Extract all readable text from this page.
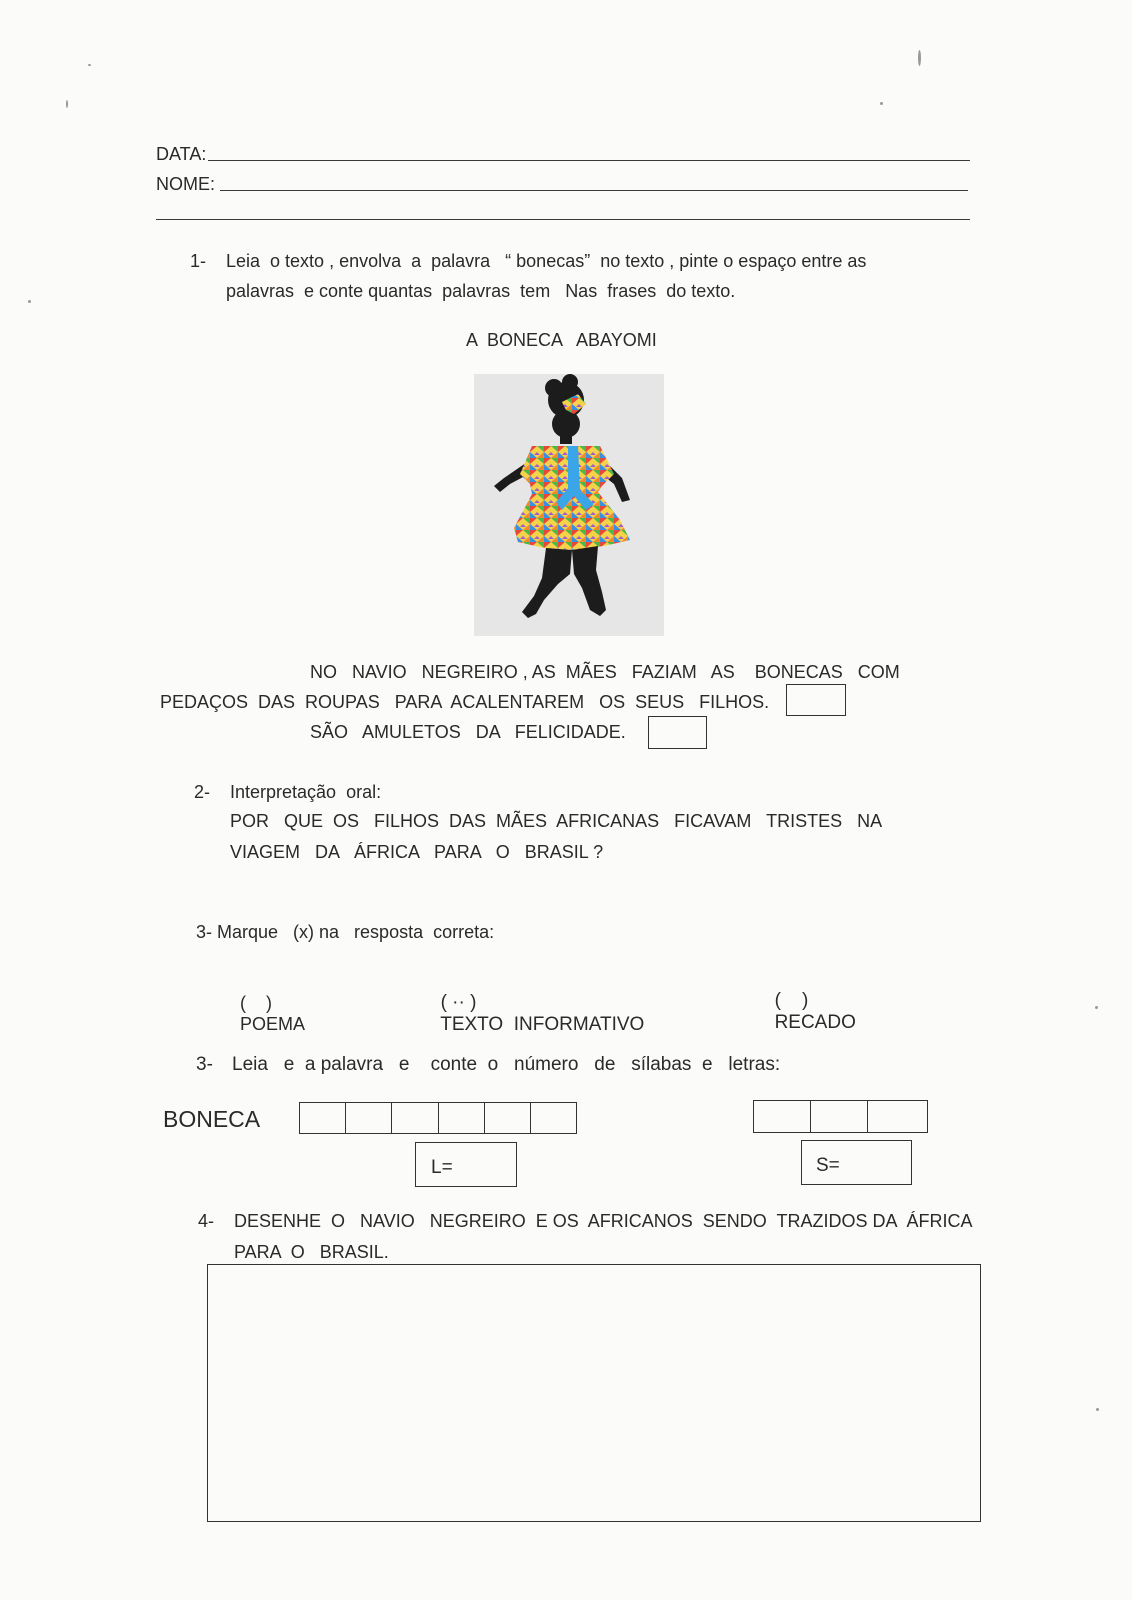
DATA:
NOME:
1- Leia  o texto , envolva  a  palavra   “ bonecas”  no texto , pinte o espaço entre as
palavras  e conte quantas  palavras  tem   Nas  frases  do texto.
A  BONECA   ABAYOMI
NO   NAVIO   NEGREIRO , AS  MÃES   FAZIAM   AS    BONECAS   COM
PEDAÇOS  DAS  ROUPAS   PARA  ACALENTAREM   OS  SEUS   FILHOS.
SÃO   AMULETOS   DA   FELICIDADE.
2- Interpretação  oral:
POR   QUE  OS   FILHOS  DAS  MÃES  AFRICANAS   FICAVAM   TRISTES   NA
VIAGEM   DA   ÁFRICA   PARA   O   BRASIL ?
3- Marque   (x) na   resposta  correta:

(    )
POEMA

( ·· )
TEXTO  INFORMATIVO

(    )
RECADO

3- Leia   e  a palavra   e    conte  o   número   de   sílabas  e   letras:
BONECA
L=	S=
4- DESENHE  O   NAVIO   NEGREIRO  E OS  AFRICANOS  SENDO  TRAZIDOS DA  ÁFRICA
PARA  O   BRASIL.
